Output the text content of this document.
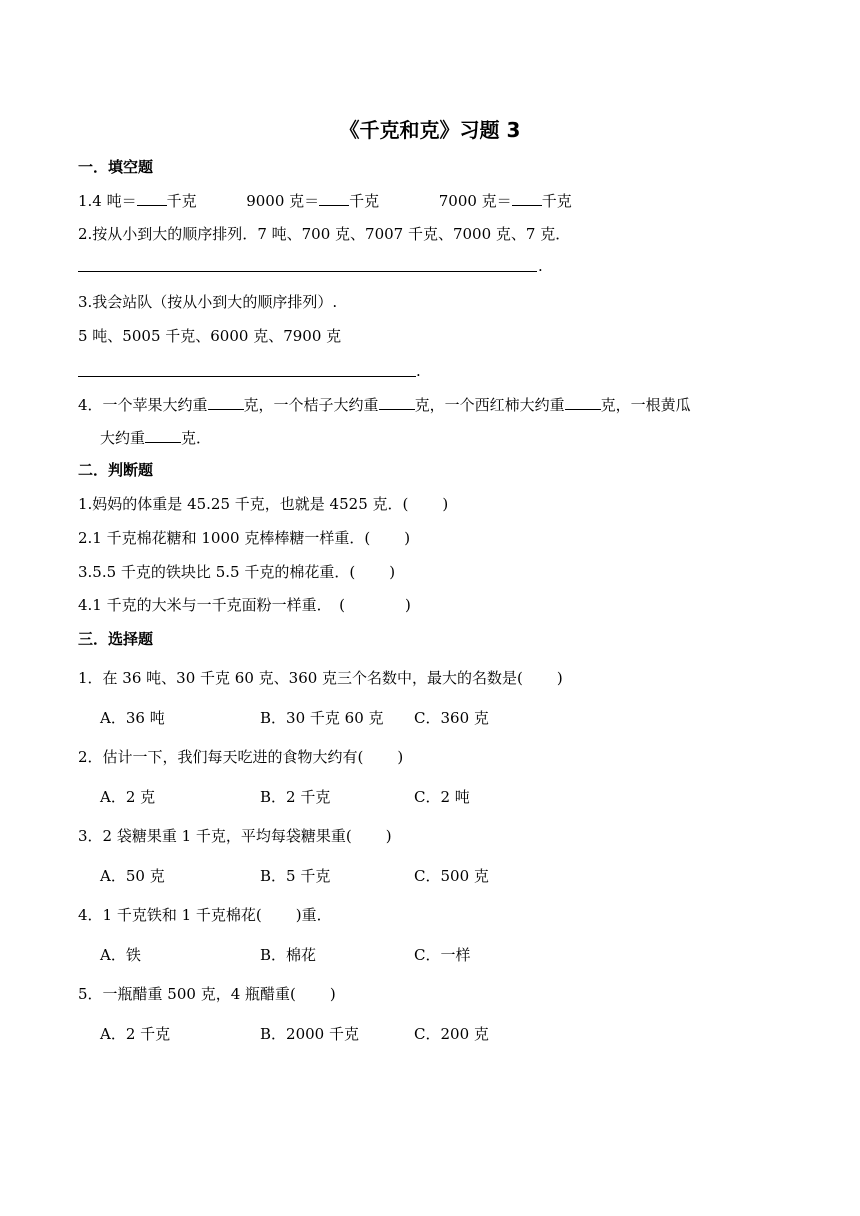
《千克和克》习题 3
一．填空题
1.4 吨＝ 千克	9000 克＝ 千克	7000 克＝ 千克
2.按从小到大的顺序排列．7 吨、700 克、7007 千克、7000 克、7 克．
.
3.我会站队（按从小到大的顺序排列）.
5 吨、5005 千克、6000 克、7900 克
.
4．一个苹果大约重 克，一个桔子大约重 克，一个西红柿大约重 克，一根黄瓜
大约重 克．
二．判断题
1.妈妈的体重是 45.25 千克，也就是 4525 克．( )
2.1 千克棉花糖和 1000 克棒棒糖一样重．( )
3.5.5 千克的铁块比 5.5 千克的棉花重．( )
4.1 千克的大米与一千克面粉一样重．　(	)
三．选择题
1．在 36 吨、30 千克 60 克、360 克三个名数中，最大的名数是( )
A．36 吨	B．30 千克 60 克 C．360 克
2．估计一下，我们每天吃进的食物大约有( )
A．2 克	B．2 千克	C．2 吨
3．2 袋糖果重 1 千克，平均每袋糖果重( )
A．50 克	B．5 千克	C．500 克
4．1 千克铁和 1 千克棉花( )重．
A．铁	B．棉花	C．一样
5．一瓶醋重 500 克，4 瓶醋重( )
A．2 千克	B．2000 千克	C．200 克
